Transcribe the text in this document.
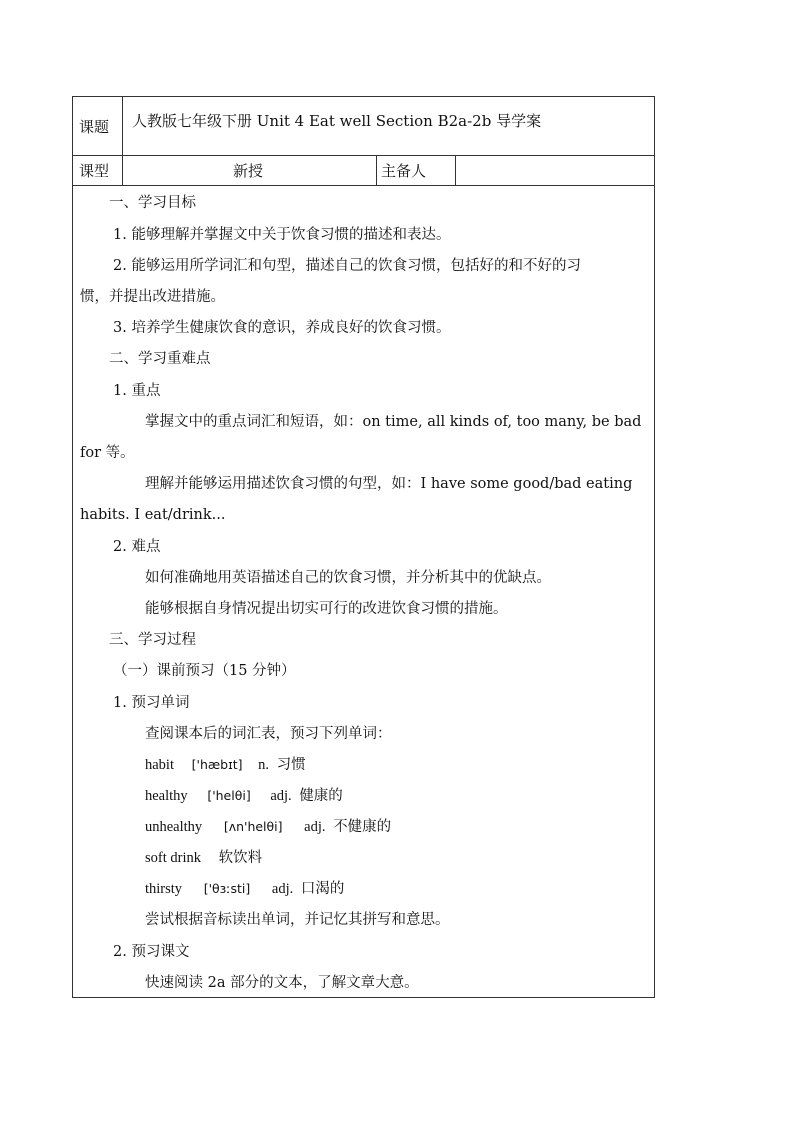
课题 人教版七年级下册 Unit 4 Eat well Section B2a-2b 导学案
课型	新授	主备人
一、学习目标
1. 能够理解并掌握文中关于饮食习惯的描述和表达。
2. 能够运用所学词汇和句型，描述自己的饮食习惯，包括好的和不好的习
惯，并提出改进措施。
3. 培养学生健康饮食的意识，养成良好的饮食习惯。
二、学习重难点
1. 重点
掌握文中的重点词汇和短语，如：on time, all kinds of, too many, be bad
for 等。
理解并能够运用描述饮食习惯的句型，如：I have some good/bad eating
habits. I eat/drink...
2. 难点
如何准确地用英语描述自己的饮食习惯，并分析其中的优缺点。
能够根据自身情况提出切实可行的改进饮食习惯的措施。
三、学习过程
（一）课前预习（15 分钟）
1. 预习单词
查阅课本后的词汇表，预习下列单词：
habit ['hæbɪt] n. 习惯
healthy ['helθi] adj. 健康的
unhealthy [ʌn'helθi] adj. 不健康的
soft drink 软饮料
thirsty ['θɜːsti] adj. 口渴的
尝试根据音标读出单词，并记忆其拼写和意思。
2. 预习课文
快速阅读 2a 部分的文本，了解文章大意。
